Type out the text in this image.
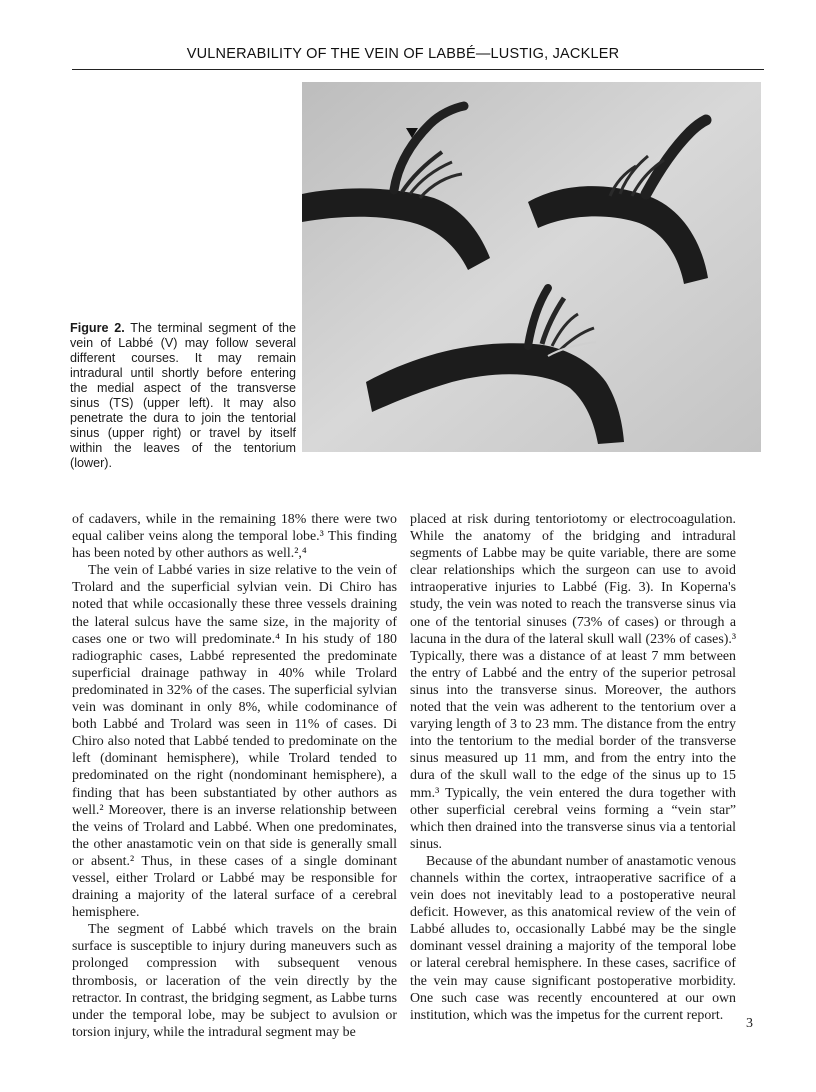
VULNERABILITY OF THE VEIN OF LABBÉ—LUSTIG, JACKLER
Figure 2. The terminal segment of the vein of Labbé (V) may follow several different courses. It may remain intradural until shortly before entering the medial aspect of the transverse sinus (TS) (upper left). It may also penetrate the dura to join the tentorial sinus (upper right) or travel by itself within the leaves of the tentorium (lower).

of cadavers, while in the remaining 18% there were two equal caliber veins along the temporal lobe.³ This finding has been noted by other authors as well.²,⁴

The vein of Labbé varies in size relative to the vein of Trolard and the superficial sylvian vein. Di Chiro has noted that while occasionally these three vessels draining the lateral sulcus have the same size, in the majority of cases one or two will predominate.⁴ In his study of 180 radiographic cases, Labbé represented the predominate superficial drainage pathway in 40% while Trolard predominated in 32% of the cases. The superficial sylvian vein was dominant in only 8%, while codominance of both Labbé and Trolard was seen in 11% of cases. Di Chiro also noted that Labbé tended to predominate on the left (dominant hemisphere), while Trolard tended to predominated on the right (nondominant hemisphere), a finding that has been substantiated by other authors as well.² Moreover, there is an inverse relationship between the veins of Trolard and Labbé. When one predominates, the other anastamotic vein on that side is generally small or absent.² Thus, in these cases of a single dominant vessel, either Trolard or Labbé may be responsible for draining a majority of the lateral surface of a cerebral hemisphere.

The segment of Labbé which travels on the brain surface is susceptible to injury during maneuvers such as prolonged compression with subsequent venous thrombosis, or laceration of the vein directly by the retractor. In contrast, the bridging segment, as Labbe turns under the temporal lobe, may be subject to avulsion or torsion injury, while the intradural segment may be

placed at risk during tentoriotomy or electrocoagulation. While the anatomy of the bridging and intradural segments of Labbe may be quite variable, there are some clear relationships which the surgeon can use to avoid intraoperative injuries to Labbé (Fig. 3). In Koperna's study, the vein was noted to reach the transverse sinus via one of the tentorial sinuses (73% of cases) or through a lacuna in the dura of the lateral skull wall (23% of cases).³ Typically, there was a distance of at least 7 mm between the entry of Labbé and the entry of the superior petrosal sinus into the transverse sinus. Moreover, the authors noted that the vein was adherent to the tentorium over a varying length of 3 to 23 mm. The distance from the entry into the tentorium to the medial border of the transverse sinus measured up 11 mm, and from the entry into the dura of the skull wall to the edge of the sinus up to 15 mm.³ Typically, the vein entered the dura together with other superficial cerebral veins forming a “vein star” which then drained into the transverse sinus via a tentorial sinus.

Because of the abundant number of anastamotic venous channels within the cortex, intraoperative sacrifice of a vein does not inevitably lead to a postoperative neural deficit. However, as this anatomical review of the vein of Labbé alludes to, occasionally Labbé may be the single dominant vessel draining a majority of the temporal lobe or lateral cerebral hemisphere. In these cases, sacrifice of the vein may cause significant postoperative morbidity. One such case was recently encountered at our own institution, which was the impetus for the current report.

3
